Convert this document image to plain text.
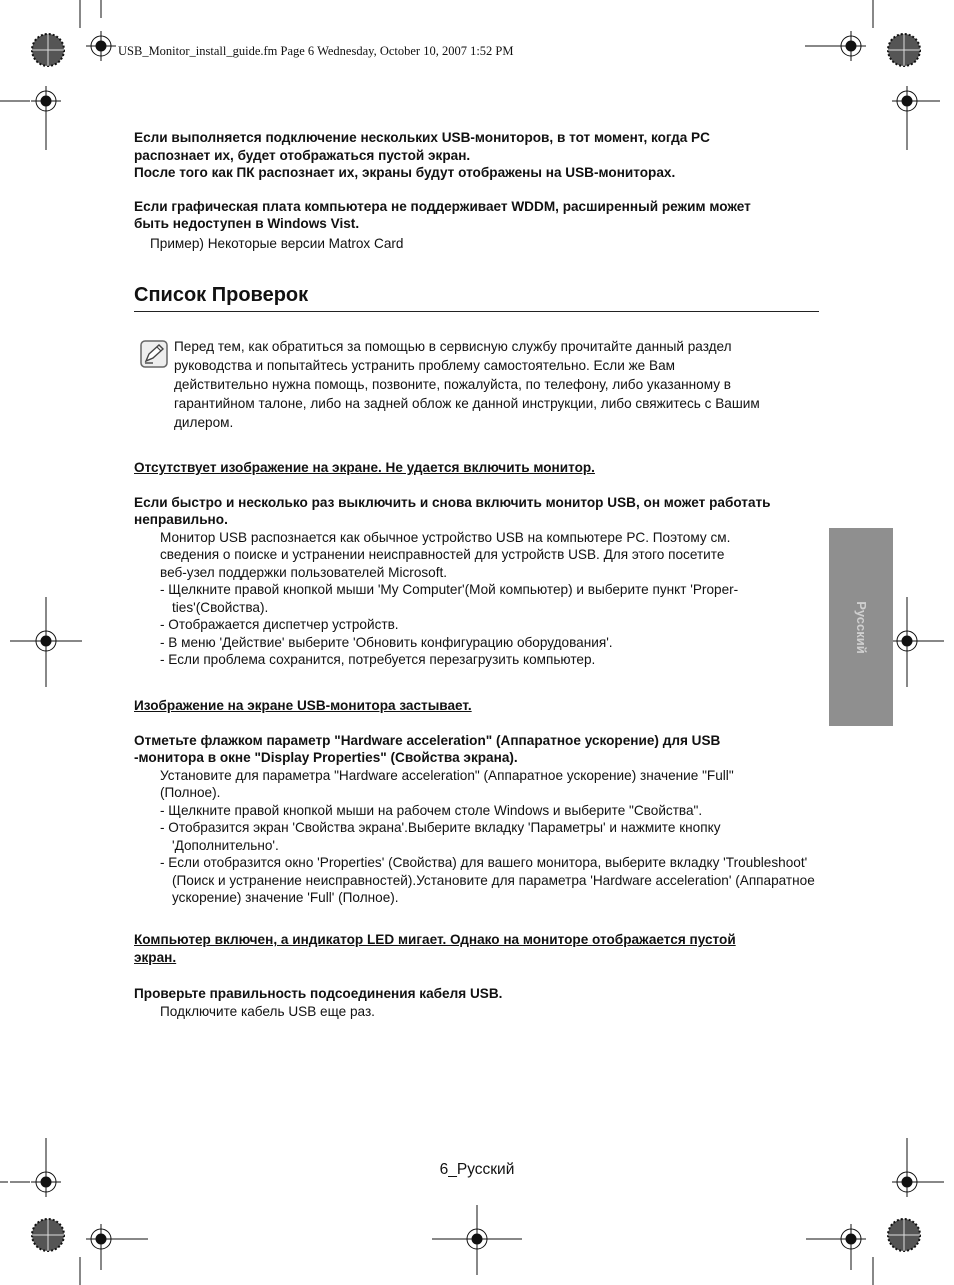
USB_Monitor_install_guide.fm Page 6 Wednesday, October 10, 2007 1:52 PM

Если выполняется подключение нескольких USB-мониторов, в тот момент, когда PC

распознает их, будет отображаться пустой экран.

После того как ПК распознает их, экраны будут отображены на USB-мониторах.

Если графическая плата компьютера не поддерживает WDDM, расширенный режим может

быть недоступен в Windows Vist.

Пример) Некоторые версии Matrox Card

Список Проверок

Перед тем, как обратиться за помощью в сервисную службу прочитайте данный раздел

руководства и попытайтесь устранить проблему самостоятельно. Если же Вам

действительно нужна помощь, позвоните, пожалуйста, по телефону, либо указанному в

гарантийном талоне, либо на задней облож ке данной инструкции, либо свяжитесь с Вашим

дилером.

Отсутствует изображение на экране. Не удается включить монитор.

Если быстро и несколько раз выключить и снова включить монитор USB, он может работать

неправильно.

Монитор USB распознается как обычное устройство USB на компьютере PC. Поэтому см.

сведения о поиске и устранении неисправностей для устройств USB. Для этого посетите

веб-узел поддержки пользователей Microsoft.

- Щелкните правой кнопкой мыши 'My Computer'(Мой компьютер) и выберите пункт 'Proper-ties'(Свойства).

- Отображается диспетчер устройств.

- В меню 'Действие' выберите 'Обновить конфигурацию оборудования'.

- Если проблема сохранится, потребуется перезагрузить компьютер.

Изображение на экране USB-монитора застывает.

Отметьте флажком параметр "Hardware acceleration" (Аппаратное ускорение) для USB

-монитора в окне "Display Properties" (Свойства экрана).

Установите для параметра "Hardware acceleration" (Аппаратное ускорение) значение "Full"

(Полное).

- Щелкните правой кнопкой мыши на рабочем столе Windows и выберите "Свойства".

- Отобразится экран 'Свойства экрана'.Выберите вкладку 'Параметры' и нажмите кнопку 'Дополнительно'.

- Если отобразится окно 'Properties' (Свойства) для вашего монитора, выберите вкладку 'Troubleshoot' (Поиск и устранение неисправностей).Установите для параметра 'Hardware acceleration' (Аппаратное ускорение) значение 'Full' (Полное).

Компьютер включен, а индикатор LED мигает. Однако на мониторе отображается пустой

экран.

Проверьте правильность подсоединения кабеля USB.

Подключите кабель USB еще раз.

Русский
6_Русский
